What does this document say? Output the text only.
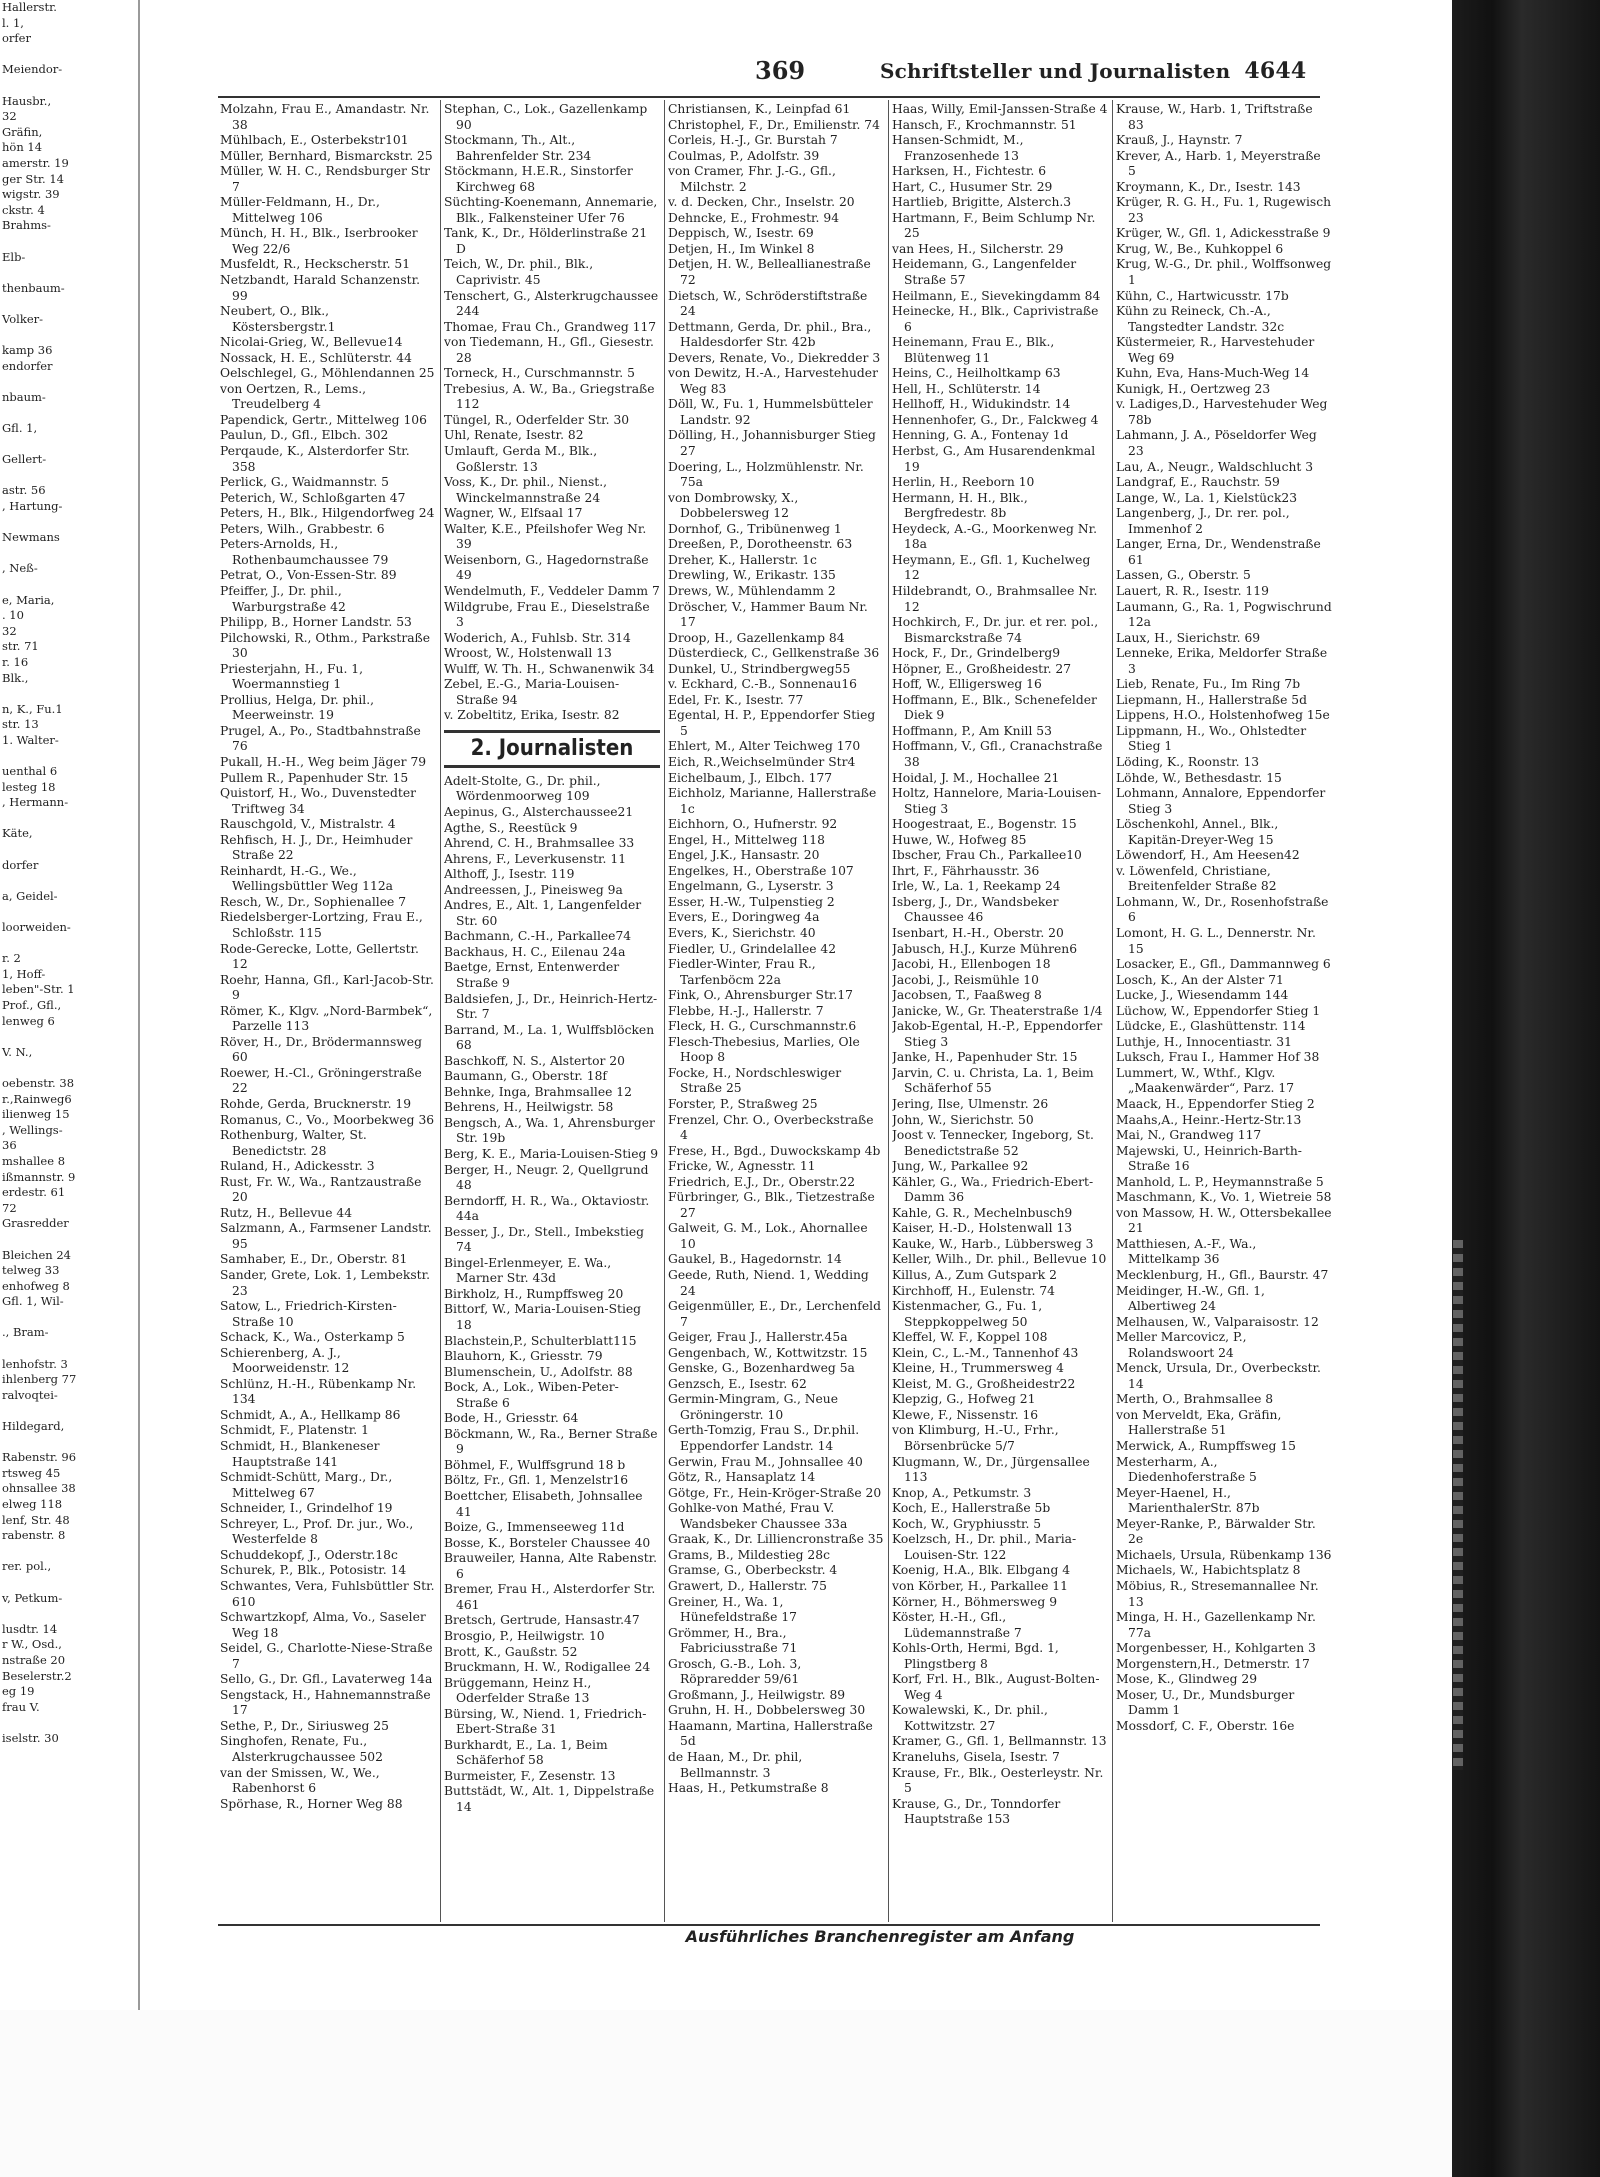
Hallerstr.
l. 1,
orfer

Meiendor-

Hausbr.,
32
Gräfin,
hön 14
amerstr. 19
ger Str. 14
wigstr. 39
ckstr. 4
Brahms-

Elb-

thenbaum-

Volker-

kamp 36
endorfer

nbaum-

Gfl. 1,

Gellert-

astr. 56
, Hartung-

Newmans

, Neß-

e, Maria,
. 10
32
str. 71
r. 16
Blk.,

n, K., Fu.1
str. 13
1. Walter-

uenthal 6
lesteg 18
, Hermann-

Käte,

dorfer

a, Geidel-

loorweiden-

r. 2
1, Hoff-
leben"-Str. 1
Prof., Gfl.,
lenweg 6

V. N.,

oebenstr. 38
r.,Rainweg6
ilienweg 15
, Wellings-
36
mshallee 8
ißmannstr. 9
erdestr. 61
72
Grasredder

Bleichen 24
telweg 33
enhofweg 8
Gfl. 1, Wil-

., Bram-

lenhofstr. 3
ihlenberg 77
ralvoqtei-

Hildegard,

Rabenstr. 96
rtsweg 45
ohnsallee 38
elweg 118
lenf, Str. 48
rabenstr. 8

rer. pol.,

v, Petkum-

lusdtr. 14
r W., Osd.,
nstraße 20
Beselerstr.2
eg 19
frau V.

iselstr. 30
369	Schriftsteller und Journalisten 4644
Molzahn, Frau E., Amandastr. Nr. 38
Mühlbach, E., Osterbekstr101
Müller, Bernhard, Bismarckstr. 25
Müller, W. H. C., Rendsburger Str 7
Müller-Feldmann, H., Dr., Mittelweg 106
Münch, H. H., Blk., Iserbrooker Weg 22/6
Musfeldt, R., Heckscherstr. 51
Netzbandt, Harald Schanzenstr. 99
Neubert, O., Blk., Köstersbergstr.1
Nicolai-Grieg, W., Bellevue14
Nossack, H. E., Schlüterstr. 44
Oelschlegel, G., Möhlendannen 25
von Oertzen, R., Lems., Treudelberg 4
Papendick, Gertr., Mittelweg 106
Paulun, D., Gfl., Elbch. 302
Perqaude, K., Alsterdorfer Str. 358
Perlick, G., Waidmannstr. 5
Peterich, W., Schloßgarten 47
Peters, H., Blk., Hilgendorfweg 24
Peters, Wilh., Grabbestr. 6
Peters-Arnolds, H., Rothenbaumchaussee 79
Petrat, O., Von-Essen-Str. 89
Pfeiffer, J., Dr. phil., Warburgstraße 42
Philipp, B., Horner Landstr. 53
Pilchowski, R., Othm., Parkstraße 30
Priesterjahn, H., Fu. 1, Woermannstieg 1
Prollius, Helga, Dr. phil., Meerweinstr. 19
Prugel, A., Po., Stadtbahnstraße 76
Pukall, H.-H., Weg beim Jäger 79
Pullem R., Papenhuder Str. 15
Quistorf, H., Wo., Duvenstedter Triftweg 34
Rauschgold, V., Mistralstr. 4
Rehfisch, H. J., Dr., Heimhuder Straße 22
Reinhardt, H.-G., We., Wellingsbüttler Weg 112a
Resch, W., Dr., Sophienallee 7
Riedelsberger-Lortzing, Frau E., Schloßstr. 115
Rode-Gerecke, Lotte, Gellertstr. 12
Roehr, Hanna, Gfl., Karl-Jacob-Str. 9
Römer, K., Klgv. „Nord-Barmbek“, Parzelle 113
Röver, H., Dr., Brödermannsweg 60
Roewer, H.-Cl., Gröningerstraße 22
Rohde, Gerda, Brucknerstr. 19
Romanus, C., Vo., Moorbekweg 36
Rothenburg, Walter, St. Benedictstr. 28
Ruland, H., Adickesstr. 3
Rust, Fr. W., Wa., Rantzaustraße 20
Rutz, H., Bellevue 44
Salzmann, A., Farmsener Landstr. 95
Samhaber, E., Dr., Oberstr. 81
Sander, Grete, Lok. 1, Lembekstr. 23
Satow, L., Friedrich-Kirsten-Straße 10
Schack, K., Wa., Osterkamp 5
Schierenberg, A. J., Moorweidenstr. 12
Schlünz, H.-H., Rübenkamp Nr. 134
Schmidt, A., A., Hellkamp 86
Schmidt, F., Platenstr. 1
Schmidt, H., Blankeneser Hauptstraße 141
Schmidt-Schütt, Marg., Dr., Mittelweg 67
Schneider, I., Grindelhof 19
Schreyer, L., Prof. Dr. jur., Wo., Westerfelde 8
Schuddekopf, J., Oderstr.18c
Schurek, P., Blk., Potosistr. 14
Schwantes, Vera, Fuhlsbüttler Str. 610
Schwartzkopf, Alma, Vo., Saseler Weg 18
Seidel, G., Charlotte-Niese-Straße 7
Sello, G., Dr. Gfl., Lavaterweg 14a
Sengstack, H., Hahnemannstraße 17
Sethe, P., Dr., Siriusweg 25
Singhofen, Renate, Fu., Alsterkrugchaussee 502
van der Smissen, W., We., Rabenhorst 6
Spörhase, R., Horner Weg 88
Stephan, C., Lok., Gazellenkamp 90
Stockmann, Th., Alt., Bahrenfelder Str. 234
Stöckmann, H.E.R., Sinstorfer Kirchweg 68
Süchting-Koenemann, Annemarie, Blk., Falkensteiner Ufer 76
Tank, K., Dr., Hölderlinstraße 21 D
Teich, W., Dr. phil., Blk., Caprivistr. 45
Tenschert, G., Alsterkrugchaussee 244
Thomae, Frau Ch., Grandweg 117
von Tiedemann, H., Gfl., Giesestr. 28
Torneck, H., Curschmannstr. 5
Trebesius, A. W., Ba., Griegstraße 112
Tüngel, R., Oderfelder Str. 30
Uhl, Renate, Isestr. 82
Umlauft, Gerda M., Blk., Goßlerstr. 13
Voss, K., Dr. phil., Nienst., Winckelmannstraße 24
Wagner, W., Elfsaal 17
Walter, K.E., Pfeilshofer Weg Nr. 39
Weisenborn, G., Hagedornstraße 49
Wendelmuth, F., Veddeler Damm 7
Wildgrube, Frau E., Dieselstraße 3
Woderich, A., Fuhlsb. Str. 314
Wroost, W., Holstenwall 13
Wulff, W. Th. H., Schwanenwik 34
Zebel, E.-G., Maria-Louisen-Straße 94
v. Zobeltitz, Erika, Isestr. 82
2. Journalisten
Adelt-Stolte, G., Dr. phil., Wördenmoorweg 109
Aepinus, G., Alsterchaussee21
Agthe, S., Reestück 9
Ahrend, C. H., Brahmsallee 33
Ahrens, F., Leverkusenstr. 11
Althoff, J., Isestr. 119
Andreessen, J., Pineisweg 9a
Andres, E., Alt. 1, Langenfelder Str. 60
Bachmann, C.-H., Parkallee74
Backhaus, H. C., Eilenau 24a
Baetge, Ernst, Entenwerder Straße 9
Baldsiefen, J., Dr., Heinrich-Hertz-Str. 7
Barrand, M., La. 1, Wulffsblöcken 68
Baschkoff, N. S., Alstertor 20
Baumann, G., Oberstr. 18f
Behnke, Inga, Brahmsallee 12
Behrens, H., Heilwigstr. 58
Bengsch, A., Wa. 1, Ahrensburger Str. 19b
Berg, K. E., Maria-Louisen-Stieg 9
Berger, H., Neugr. 2, Quellgrund 48
Berndorff, H. R., Wa., Oktaviostr. 44a
Besser, J., Dr., Stell., Imbekstieg 74
Bingel-Erlenmeyer, E. Wa., Marner Str. 43d
Birkholz, H., Rumpffsweg 20
Bittorf, W., Maria-Louisen-Stieg 18
Blachstein,P., Schulterblatt115
Blauhorn, K., Griesstr. 79
Blumenschein, U., Adolfstr. 88
Bock, A., Lok., Wiben-Peter-Straße 6
Bode, H., Griesstr. 64
Böckmann, W., Ra., Berner Straße 9
Böhmel, F., Wulffsgrund 18 b
Böltz, Fr., Gfl. 1, Menzelstr16
Boettcher, Elisabeth, Johnsallee 41
Boize, G., Immenseeweg 11d
Bosse, K., Borsteler Chaussee 40
Brauweiler, Hanna, Alte Rabenstr. 6
Bremer, Frau H., Alsterdorfer Str. 461
Bretsch, Gertrude, Hansastr.47
Brosgio, P., Heilwigstr. 10
Brott, K., Gaußstr. 52
Bruckmann, H. W., Rodigallee 24
Brüggemann, Heinz H., Oderfelder Straße 13
Bürsing, W., Niend. 1, Friedrich-Ebert-Straße 31
Burkhardt, E., La. 1, Beim Schäferhof 58
Burmeister, F., Zesenstr. 13
Buttstädt, W., Alt. 1, Dippelstraße 14
Christiansen, K., Leinpfad 61
Christophel, F., Dr., Emilienstr. 74
Corleis, H.-J., Gr. Burstah 7
Coulmas, P., Adolfstr. 39
von Cramer, Fhr. J.-G., Gfl., Milchstr. 2
v. d. Decken, Chr., Inselstr. 20
Dehncke, E., Frohmestr. 94
Deppisch, W., Isestr. 69
Detjen, H., Im Winkel 8
Detjen, H. W., Belleallianestraße 72
Dietsch, W., Schröderstiftstraße 24
Dettmann, Gerda, Dr. phil., Bra., Haldesdorfer Str. 42b
Devers, Renate, Vo., Diekredder 3
von Dewitz, H.-A., Harvestehuder Weg 83
Döll, W., Fu. 1, Hummelsbütteler Landstr. 92
Dölling, H., Johannisburger Stieg 27
Doering, L., Holzmühlenstr. Nr. 75a
von Dombrowsky, X., Dobbelersweg 12
Dornhof, G., Tribünenweg 1
Dreeßen, P., Dorotheenstr. 63
Dreher, K., Hallerstr. 1c
Drewling, W., Erikastr. 135
Drews, W., Mühlendamm 2
Dröscher, V., Hammer Baum Nr. 17
Droop, H., Gazellenkamp 84
Düsterdieck, C., Gellkenstraße 36
Dunkel, U., Strindbergweg55
v. Eckhard, C.-B., Sonnenau16
Edel, Fr. K., Isestr. 77
Egental, H. P., Eppendorfer Stieg 5
Ehlert, M., Alter Teichweg 170
Eich, R.,Weichselmünder Str4
Eichelbaum, J., Elbch. 177
Eichholz, Marianne, Hallerstraße 1c
Eichhorn, O., Hufnerstr. 92
Engel, H., Mittelweg 118
Engel, J.K., Hansastr. 20
Engelkes, H., Oberstraße 107
Engelmann, G., Lyserstr. 3
Esser, H.-W., Tulpenstieg 2
Evers, E., Doringweg 4a
Evers, K., Sierichstr. 40
Fiedler, U., Grindelallee 42
Fiedler-Winter, Frau R., Tarfenböcm 22a
Fink, O., Ahrensburger Str.17
Flebbe, H.-J., Hallerstr. 7
Fleck, H. G., Curschmannstr.6
Flesch-Thebesius, Marlies, Ole Hoop 8
Focke, H., Nordschleswiger Straße 25
Forster, P., Straßweg 25
Frenzel, Chr. O., Overbeckstraße 4
Frese, H., Bgd., Duwockskamp 4b
Fricke, W., Agnesstr. 11
Friedrich, E.J., Dr., Oberstr.22
Fürbringer, G., Blk., Tietzestraße 27
Galweit, G. M., Lok., Ahornallee 10
Gaukel, B., Hagedornstr. 14
Geede, Ruth, Niend. 1, Wedding 24
Geigenmüller, E., Dr., Lerchenfeld 7
Geiger, Frau J., Hallerstr.45a
Gengenbach, W., Kottwitzstr. 15
Genske, G., Bozenhardweg 5a
Genzsch, E., Isestr. 62
Germin-Mingram, G., Neue Gröningerstr. 10
Gerth-Tomzig, Frau S., Dr.phil. Eppendorfer Landstr. 14
Gerwin, Frau M., Johnsallee 40
Götz, R., Hansaplatz 14
Götge, Fr., Hein-Kröger-Straße 20
Gohlke-von Mathé, Frau V. Wandsbeker Chaussee 33a
Graak, K., Dr. Lilliencronstraße 35
Grams, B., Mildestieg 28c
Gramse, G., Oberbeckstr. 4
Grawert, D., Hallerstr. 75
Greiner, H., Wa. 1, Hünefeldstraße 17
Grömmer, H., Bra., Fabriciusstraße 71
Grosch, G.-B., Loh. 3, Röpraredder 59/61
Großmann, J., Heilwigstr. 89
Gruhn, H. H., Dobbelersweg 30
Haamann, Martina, Hallerstraße 5d
de Haan, M., Dr. phil, Bellmannstr. 3
Haas, H., Petkumstraße 8
Haas, Willy, Emil-Janssen-Straße 4
Hansch, F., Krochmannstr. 51
Hansen-Schmidt, M., Franzosenhede 13
Harksen, H., Fichtestr. 6
Hart, C., Husumer Str. 29
Hartlieb, Brigitte, Alsterch.3
Hartmann, F., Beim Schlump Nr. 25
van Hees, H., Silcherstr. 29
Heidemann, G., Langenfelder Straße 57
Heilmann, E., Sievekingdamm 84
Heinecke, H., Blk., Caprivistraße 6
Heinemann, Frau E., Blk., Blütenweg 11
Heins, C., Heilholtkamp 63
Hell, H., Schlüterstr. 14
Hellhoff, H., Widukindstr. 14
Hennenhofer, G., Dr., Falckweg 4
Henning, G. A., Fontenay 1d
Herbst, G., Am Husarendenkmal 19
Herlin, H., Reeborn 10
Hermann, H. H., Blk., Bergfredestr. 8b
Heydeck, A.-G., Moorkenweg Nr. 18a
Heymann, E., Gfl. 1, Kuchelweg 12
Hildebrandt, O., Brahmsallee Nr. 12
Hochkirch, F., Dr. jur. et rer. pol., Bismarckstraße 74
Hock, F., Dr., Grindelberg9
Höpner, E., Großheidestr. 27
Hoff, W., Elligersweg 16
Hoffmann, E., Blk., Schenefelder Diek 9
Hoffmann, P., Am Knill 53
Hoffmann, V., Gfl., Cranachstraße 38
Hoidal, J. M., Hochallee 21
Holtz, Hannelore, Maria-Louisen-Stieg 3
Hoogestraat, E., Bogenstr. 15
Huwe, W., Hofweg 85
Ibscher, Frau Ch., Parkallee10
Ihrt, F., Fährhausstr. 36
Irle, W., La. 1, Reekamp 24
Isberg, J., Dr., Wandsbeker Chaussee 46
Isenbart, H.-H., Oberstr. 20
Jabusch, H.J., Kurze Mühren6
Jacobi, H., Ellenbogen 18
Jacobi, J., Reismühle 10
Jacobsen, T., Faaßweg 8
Janicke, W., Gr. Theaterstraße 1/4
Jakob-Egental, H.-P., Eppendorfer Stieg 3
Janke, H., Papenhuder Str. 15
Jarvin, C. u. Christa, La. 1, Beim Schäferhof 55
Jering, Ilse, Ulmenstr. 26
John, W., Sierichstr. 50
Joost v. Tennecker, Ingeborg, St. Benedictstraße 52
Jung, W., Parkallee 92
Kähler, G., Wa., Friedrich-Ebert-Damm 36
Kahle, G. R., Mechelnbusch9
Kaiser, H.-D., Holstenwall 13
Kauke, W., Harb., Lübbersweg 3
Keller, Wilh., Dr. phil., Bellevue 10
Killus, A., Zum Gutspark 2
Kirchhoff, H., Eulenstr. 74
Kistenmacher, G., Fu. 1, Steppkoppelweg 50
Kleffel, W. F., Koppel 108
Klein, C., L.-M., Tannenhof 43
Kleine, H., Trummersweg 4
Kleist, M. G., Großheidestr22
Klepzig, G., Hofweg 21
Klewe, F., Nissenstr. 16
von Klimburg, H.-U., Frhr., Börsenbrücke 5/7
Klugmann, W., Dr., Jürgensallee 113
Knop, A., Petkumstr. 3
Koch, E., Hallerstraße 5b
Koch, W., Gryphiusstr. 5
Koelzsch, H., Dr. phil., Maria-Louisen-Str. 122
Koenig, H.A., Blk. Elbgang 4
von Körber, H., Parkallee 11
Körner, H., Böhmersweg 9
Köster, H.-H., Gfl., Lüdemannstraße 7
Kohls-Orth, Hermi, Bgd. 1, Plingstberg 8
Korf, Frl. H., Blk., August-Bolten-Weg 4
Kowalewski, K., Dr. phil., Kottwitzstr. 27
Kramer, G., Gfl. 1, Bellmannstr. 13
Kraneluhs, Gisela, Isestr. 7
Krause, Fr., Blk., Oesterleystr. Nr. 5
Krause, G., Dr., Tonndorfer Hauptstraße 153
Krause, W., Harb. 1, Triftstraße 83
Krauß, J., Haynstr. 7
Krever, A., Harb. 1, Meyerstraße 5
Kroymann, K., Dr., Isestr. 143
Krüger, R. G. H., Fu. 1, Rugewisch 23
Krüger, W., Gfl. 1, Adickesstraße 9
Krug, W., Be., Kuhkoppel 6
Krug, W.-G., Dr. phil., Wolffsonweg 1
Kühn, C., Hartwicusstr. 17b
Kühn zu Reineck, Ch.-A., Tangstedter Landstr. 32c
Küstermeier, R., Harvestehuder Weg 69
Kuhn, Eva, Hans-Much-Weg 14
Kunigk, H., Oertzweg 23
v. Ladiges,D., Harvestehuder Weg 78b
Lahmann, J. A., Pöseldorfer Weg 23
Lau, A., Neugr., Waldschlucht 3
Landgraf, E., Rauchstr. 59
Lange, W., La. 1, Kielstück23
Langenberg, J., Dr. rer. pol., Immenhof 2
Langer, Erna, Dr., Wendenstraße 61
Lassen, G., Oberstr. 5
Lauert, R. R., Isestr. 119
Laumann, G., Ra. 1, Pogwischrund 12a
Laux, H., Sierichstr. 69
Lenneke, Erika, Meldorfer Straße 3
Lieb, Renate, Fu., Im Ring 7b
Liepmann, H., Hallerstraße 5d
Lippens, H.O., Holstenhofweg 15e
Lippmann, H., Wo., Ohlstedter Stieg 1
Löding, K., Roonstr. 13
Löhde, W., Bethesdastr. 15
Lohmann, Annalore, Eppendorfer Stieg 3
Löschenkohl, Annel., Blk., Kapitän-Dreyer-Weg 15
Löwendorf, H., Am Heesen42
v. Löwenfeld, Christiane, Breitenfelder Straße 82
Lohmann, W., Dr., Rosenhofstraße 6
Lomont, H. G. L., Dennerstr. Nr. 15
Losacker, E., Gfl., Dammannweg 6
Losch, K., An der Alster 71
Lucke, J., Wiesendamm 144
Lüchow, W., Eppendorfer Stieg 1
Lüdcke, E., Glashüttenstr. 114
Luthje, H., Innocentiastr. 31
Luksch, Frau I., Hammer Hof 38
Lummert, W., Wthf., Klgv. „Maakenwärder“, Parz. 17
Maack, H., Eppendorfer Stieg 2
Maahs,A., Heinr.-Hertz-Str.13
Mai, N., Grandweg 117
Majewski, U., Heinrich-Barth-Straße 16
Manhold, L. P., Heymannstraße 5
Maschmann, K., Vo. 1, Wietreie 58
von Massow, H. W., Ottersbekallee 21
Matthiesen, A.-F., Wa., Mittelkamp 36
Mecklenburg, H., Gfl., Baurstr. 47
Meidinger, H.-W., Gfl. 1, Albertiweg 24
Melhausen, W., Valparaisostr. 12
Meller Marcovicz, P., Rolandswoort 24
Menck, Ursula, Dr., Overbeckstr. 14
Merth, O., Brahmsallee 8
von Merveldt, Eka, Gräfin, Hallerstraße 51
Merwick, A., Rumpffsweg 15
Mesterharm, A., Diedenhoferstraße 5
Meyer-Haenel, H., MarienthalerStr. 87b
Meyer-Ranke, P., Bärwalder Str. 2e
Michaels, Ursula, Rübenkamp 136
Michaels, W., Habichtsplatz 8
Möbius, R., Stresemannallee Nr. 13
Minga, H. H., Gazellenkamp Nr. 77a
Morgenbesser, H., Kohlgarten 3
Morgenstern,H., Detmerstr. 17
Mose, K., Glindweg 29
Moser, U., Dr., Mundsburger Damm 1
Mossdorf, C. F., Oberstr. 16e
Ausführliches Branchenregister am Anfang
